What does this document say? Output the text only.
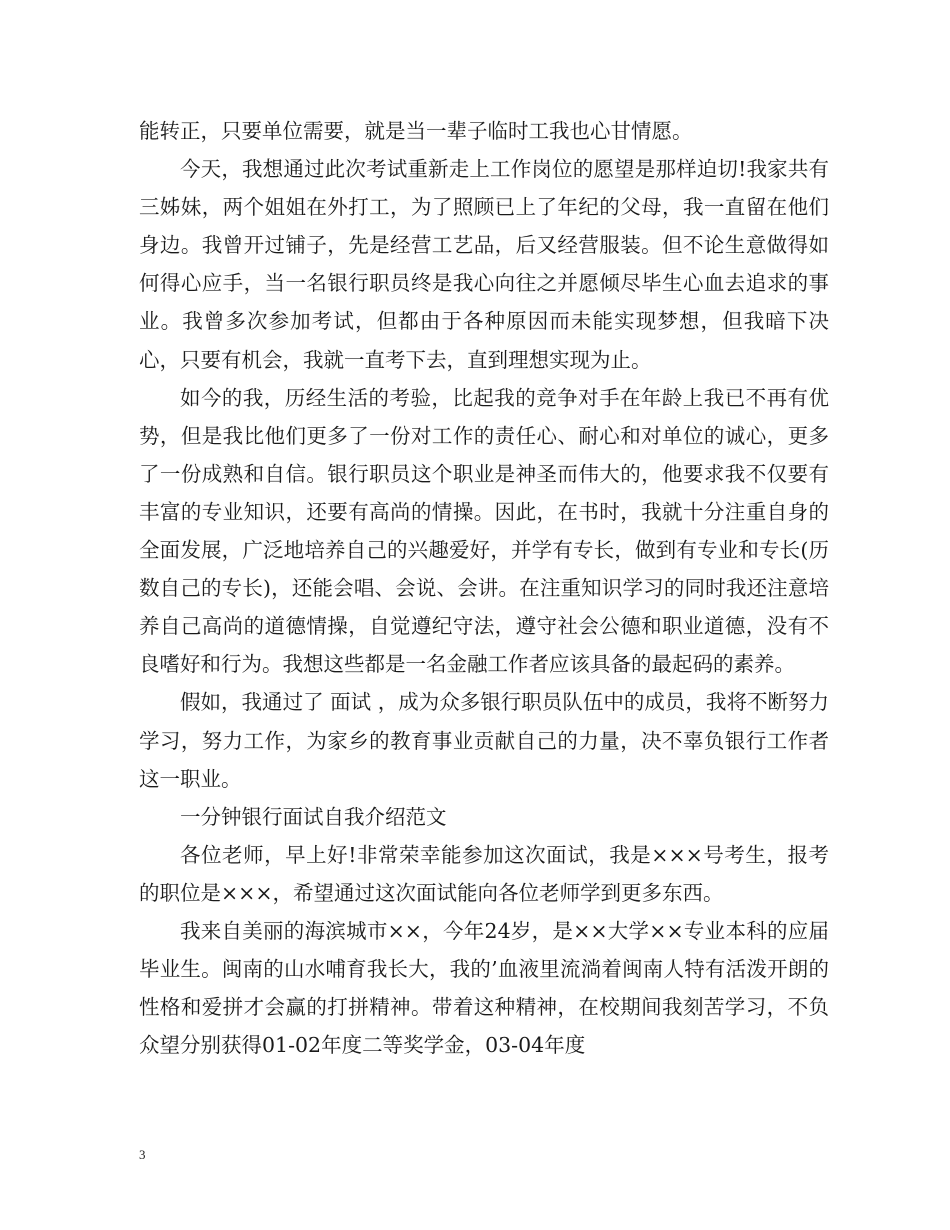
能转正，只要单位需要，就是当一辈子临时工我也心甘情愿。

今天，我想通过此次考试重新走上工作岗位的愿望是那样迫切!我家共有三姊妹，两个姐姐在外打工，为了照顾已上了年纪的父母，我一直留在他们身边。我曾开过铺子，先是经营工艺品，后又经营服装。但不论生意做得如何得心应手，当一名银行职员终是我心向往之并愿倾尽毕生心血去追求的事业。我曾多次参加考试，但都由于各种原因而未能实现梦想，但我暗下决心，只要有机会，我就一直考下去，直到理想实现为止。

如今的我，历经生活的考验，比起我的竞争对手在年龄上我已不再有优势，但是我比他们更多了一份对工作的责任心、耐心和对单位的诚心，更多了一份成熟和自信。银行职员这个职业是神圣而伟大的，他要求我不仅要有丰富的专业知识，还要有高尚的情操。因此，在书时，我就十分注重自身的全面发展，广泛地培养自己的兴趣爱好，并学有专长，做到有专业和专长(历数自己的专长)，还能会唱、会说、会讲。在注重知识学习的同时我还注意培养自己高尚的道德情操，自觉遵纪守法，遵守社会公德和职业道德，没有不良嗜好和行为。我想这些都是一名金融工作者应该具备的最起码的素养。

假如，我通过了 面试 ，成为众多银行职员队伍中的成员，我将不断努力学习，努力工作，为家乡的教育事业贡献自己的力量，决不辜负银行工作者这一职业。

一分钟银行面试自我介绍范文

各位老师，早上好!非常荣幸能参加这次面试，我是×××号考生，报考的职位是×××，希望通过这次面试能向各位老师学到更多东西。

我来自美丽的海滨城市××，今年24岁，是××大学××专业本科的应届毕业生。闽南的山水哺育我长大，我的’血液里流淌着闽南人特有活泼开朗的性格和爱拼才会赢的打拼精神。带着这种精神，在校期间我刻苦学习，不负众望分别获得01-02年度二等奖学金，03-04年度

3
